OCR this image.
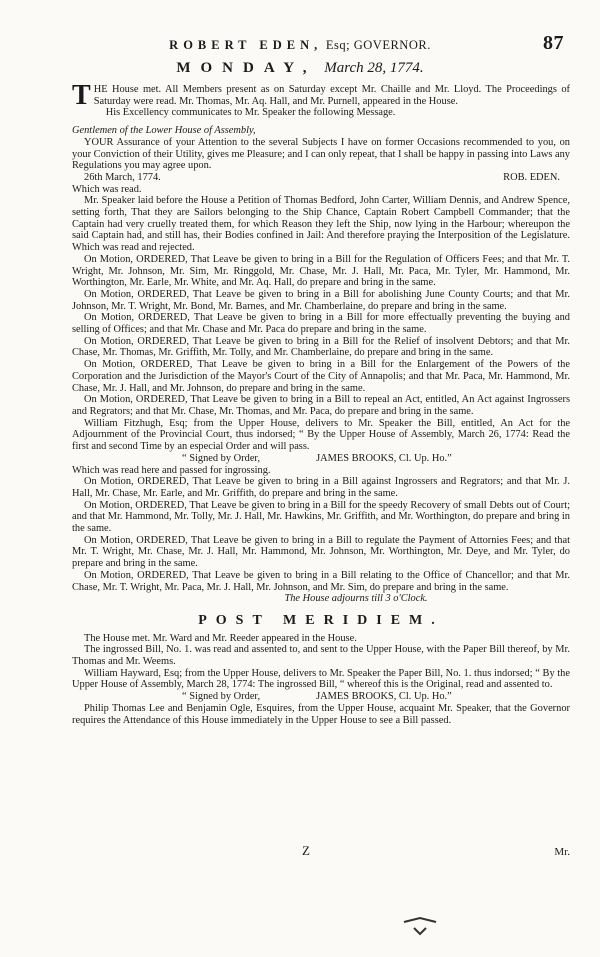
ROBERT EDEN, Esq; GOVERNOR.	87
MONDAY, March 28, 1774.

THE House met. All Members present as on Saturday except Mr. Chaille and Mr. Lloyd. The Proceedings of Saturday were read. Mr. Thomas, Mr. Aq. Hall, and Mr. Purnell, appeared in the House.

His Excellency communicates to Mr. Speaker the following Message.

Gentlemen of the Lower House of Assembly,

YOUR Assurance of your Attention to the several Subjects I have on former Occasions recommended to you, on your Conviction of their Utility, gives me Pleasure; and I can only repeat, that I shall be happy in passing into Laws any Regulations you may agree upon.

26th March, 1774.	ROB. EDEN.

Which was read.

Mr. Speaker laid before the House a Petition of Thomas Bedford, John Carter, William Dennis, and Andrew Spence, setting forth, That they are Sailors belonging to the Ship Chance, Captain Robert Campbell Commander; that the Captain had very cruelly treated them, for which Reason they left the Ship, now lying in the Harbour; whereupon the said Captain had, and still has, their Bodies confined in Jail: And therefore praying the Interposition of the Legislature. Which was read and rejected.

On Motion, ORDERED, That Leave be given to bring in a Bill for the Regulation of Officers Fees; and that Mr. T. Wright, Mr. Johnson, Mr. Sim, Mr. Ringgold, Mr. Chase, Mr. J. Hall, Mr. Paca, Mr. Tyler, Mr. Hammond, Mr. Worthington, Mr. Earle, Mr. White, and Mr. Aq. Hall, do prepare and bring in the same.

On Motion, ORDERED, That Leave be given to bring in a Bill for abolishing June County Courts; and that Mr. Johnson, Mr. T. Wright, Mr. Bond, Mr. Barnes, and Mr. Chamberlaine, do prepare and bring in the same.

On Motion, ORDERED, That Leave be given to bring in a Bill for more effectually preventing the buying and selling of Offices; and that Mr. Chase and Mr. Paca do prepare and bring in the same.

On Motion, ORDERED, That Leave be given to bring in a Bill for the Relief of insolvent Debtors; and that Mr. Chase, Mr. Thomas, Mr. Griffith, Mr. Tolly, and Mr. Chamberlaine, do prepare and bring in the same.

On Motion, ORDERED, That Leave be given to bring in a Bill for the Enlargement of the Powers of the Corporation and the Jurisdiction of the Mayor's Court of the City of Annapolis; and that Mr. Paca, Mr. Hammond, Mr. Chase, Mr. J. Hall, and Mr. Johnson, do prepare and bring in the same.

On Motion, ORDERED, That Leave be given to bring in a Bill to repeal an Act, entitled, An Act against Ingrossers and Regrators; and that Mr. Chase, Mr. Thomas, and Mr. Paca, do prepare and bring in the same.

William Fitzhugh, Esq; from the Upper House, delivers to Mr. Speaker the Bill, entitled, An Act for the Adjournment of the Provincial Court, thus indorsed; “ By the Upper House of Assembly, March 26, 1774: Read the first and second Time by an especial Order and will pass.

“ Signed by Order,	JAMES BROOKS, Cl. Up. Ho.”

Which was read here and passed for ingrossing.

On Motion, ORDERED, That Leave be given to bring in a Bill against Ingrossers and Regrators; and that Mr. J. Hall, Mr. Chase, Mr. Earle, and Mr. Griffith, do prepare and bring in the same.

On Motion, ORDERED, That Leave be given to bring in a Bill for the speedy Recovery of small Debts out of Court; and that Mr. Hammond, Mr. Tolly, Mr. J. Hall, Mr. Hawkins, Mr. Griffith, and Mr. Worthington, do prepare and bring in the same.

On Motion, ORDERED, That Leave be given to bring in a Bill to regulate the Payment of Attornies Fees; and that Mr. T. Wright, Mr. Chase, Mr. J. Hall, Mr. Hammond, Mr. Johnson, Mr. Worthington, Mr. Deye, and Mr. Tyler, do prepare and bring in the same.

On Motion, ORDERED, That Leave be given to bring in a Bill relating to the Office of Chancellor; and that Mr. Chase, Mr. T. Wright, Mr. Paca, Mr. J. Hall, Mr. Johnson, and Mr. Sim, do prepare and bring in the same.

The House adjourns till 3 o'Clock.

POST MERIDIEM.

The House met. Mr. Ward and Mr. Reeder appeared in the House.

The ingrossed Bill, No. 1. was read and assented to, and sent to the Upper House, with the Paper Bill thereof, by Mr. Thomas and Mr. Weems.

William Hayward, Esq; from the Upper House, delivers to Mr. Speaker the Paper Bill, No. 1. thus indorsed; “ By the Upper House of Assembly, March 28, 1774: The ingrossed Bill, “ whereof this is the Original, read and assented to.

“ Signed by Order,	JAMES BROOKS, Cl. Up. Ho.”

Philip Thomas Lee and Benjamin Ogle, Esquires, from the Upper House, acquaint Mr. Speaker, that the Governor requires the Attendance of this House immediately in the Upper House to see a Bill passed.

Z	Mr.
